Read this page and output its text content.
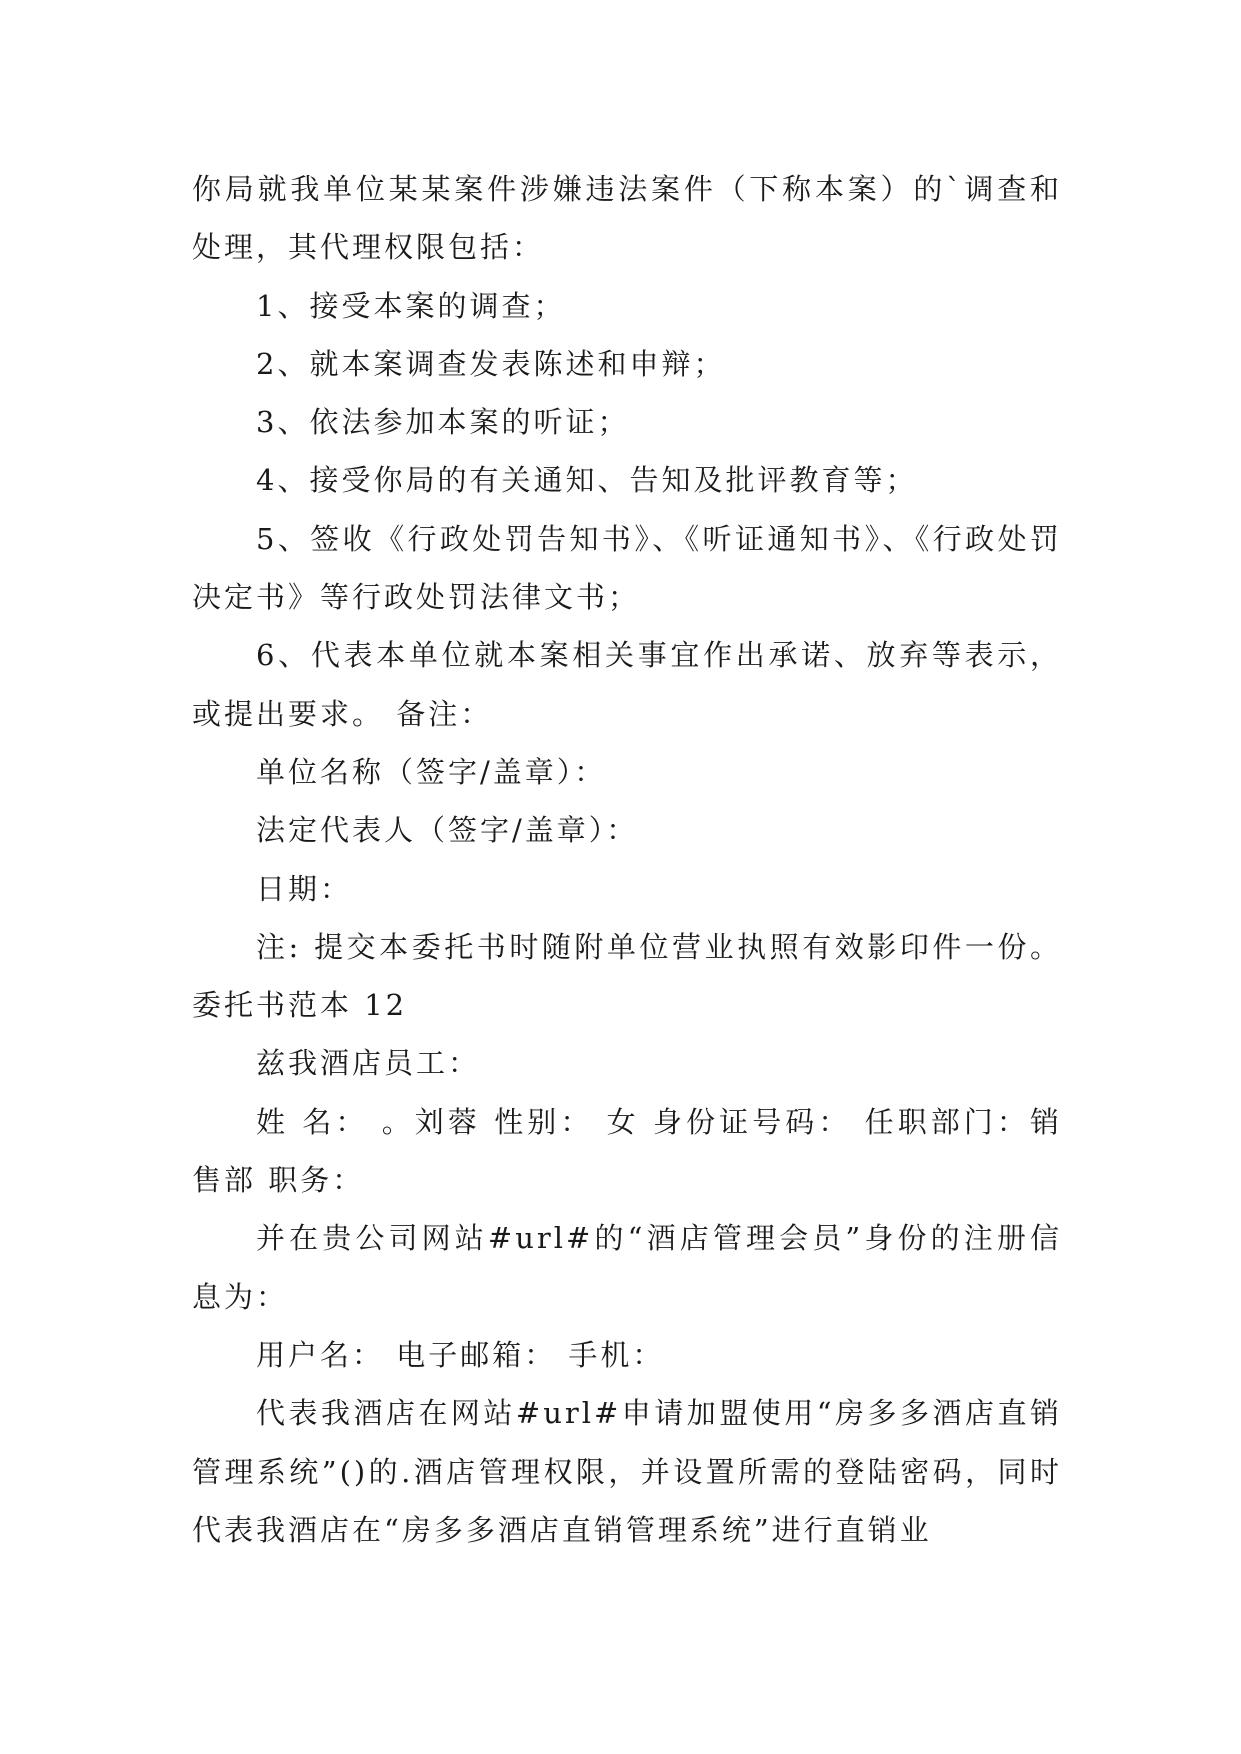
你局就我单位某某案件涉嫌违法案件（下称本案）的`调查和处理，其代理权限包括：

1、接受本案的调查；

2、就本案调查发表陈述和申辩；

3、依法参加本案的听证；

4、接受你局的有关通知、告知及批评教育等；

5、签收《行政处罚告知书》、《听证通知书》、《行政处罚决定书》等行政处罚法律文书；

6、代表本单位就本案相关事宜作出承诺、放弃等表示，或提出要求。 备注：

单位名称（签字/盖章）：

法定代表人（签字/盖章）：

日期：

注: 提交本委托书时随附单位营业执照有效影印件一份。委托书范本 12

兹我酒店员工：

姓 名： 。刘蓉 性别： 女 身份证号码： 任职部门：销售部 职务：

并在贵公司网站#url#的“酒店管理会员”身份的注册信息为：

用户名： 电子邮箱： 手机：

代表我酒店在网站#url#申请加盟使用“房多多酒店直销管理系统”()的.酒店管理权限，并设置所需的登陆密码，同时代表我酒店在“房多多酒店直销管理系统”进行直销业
